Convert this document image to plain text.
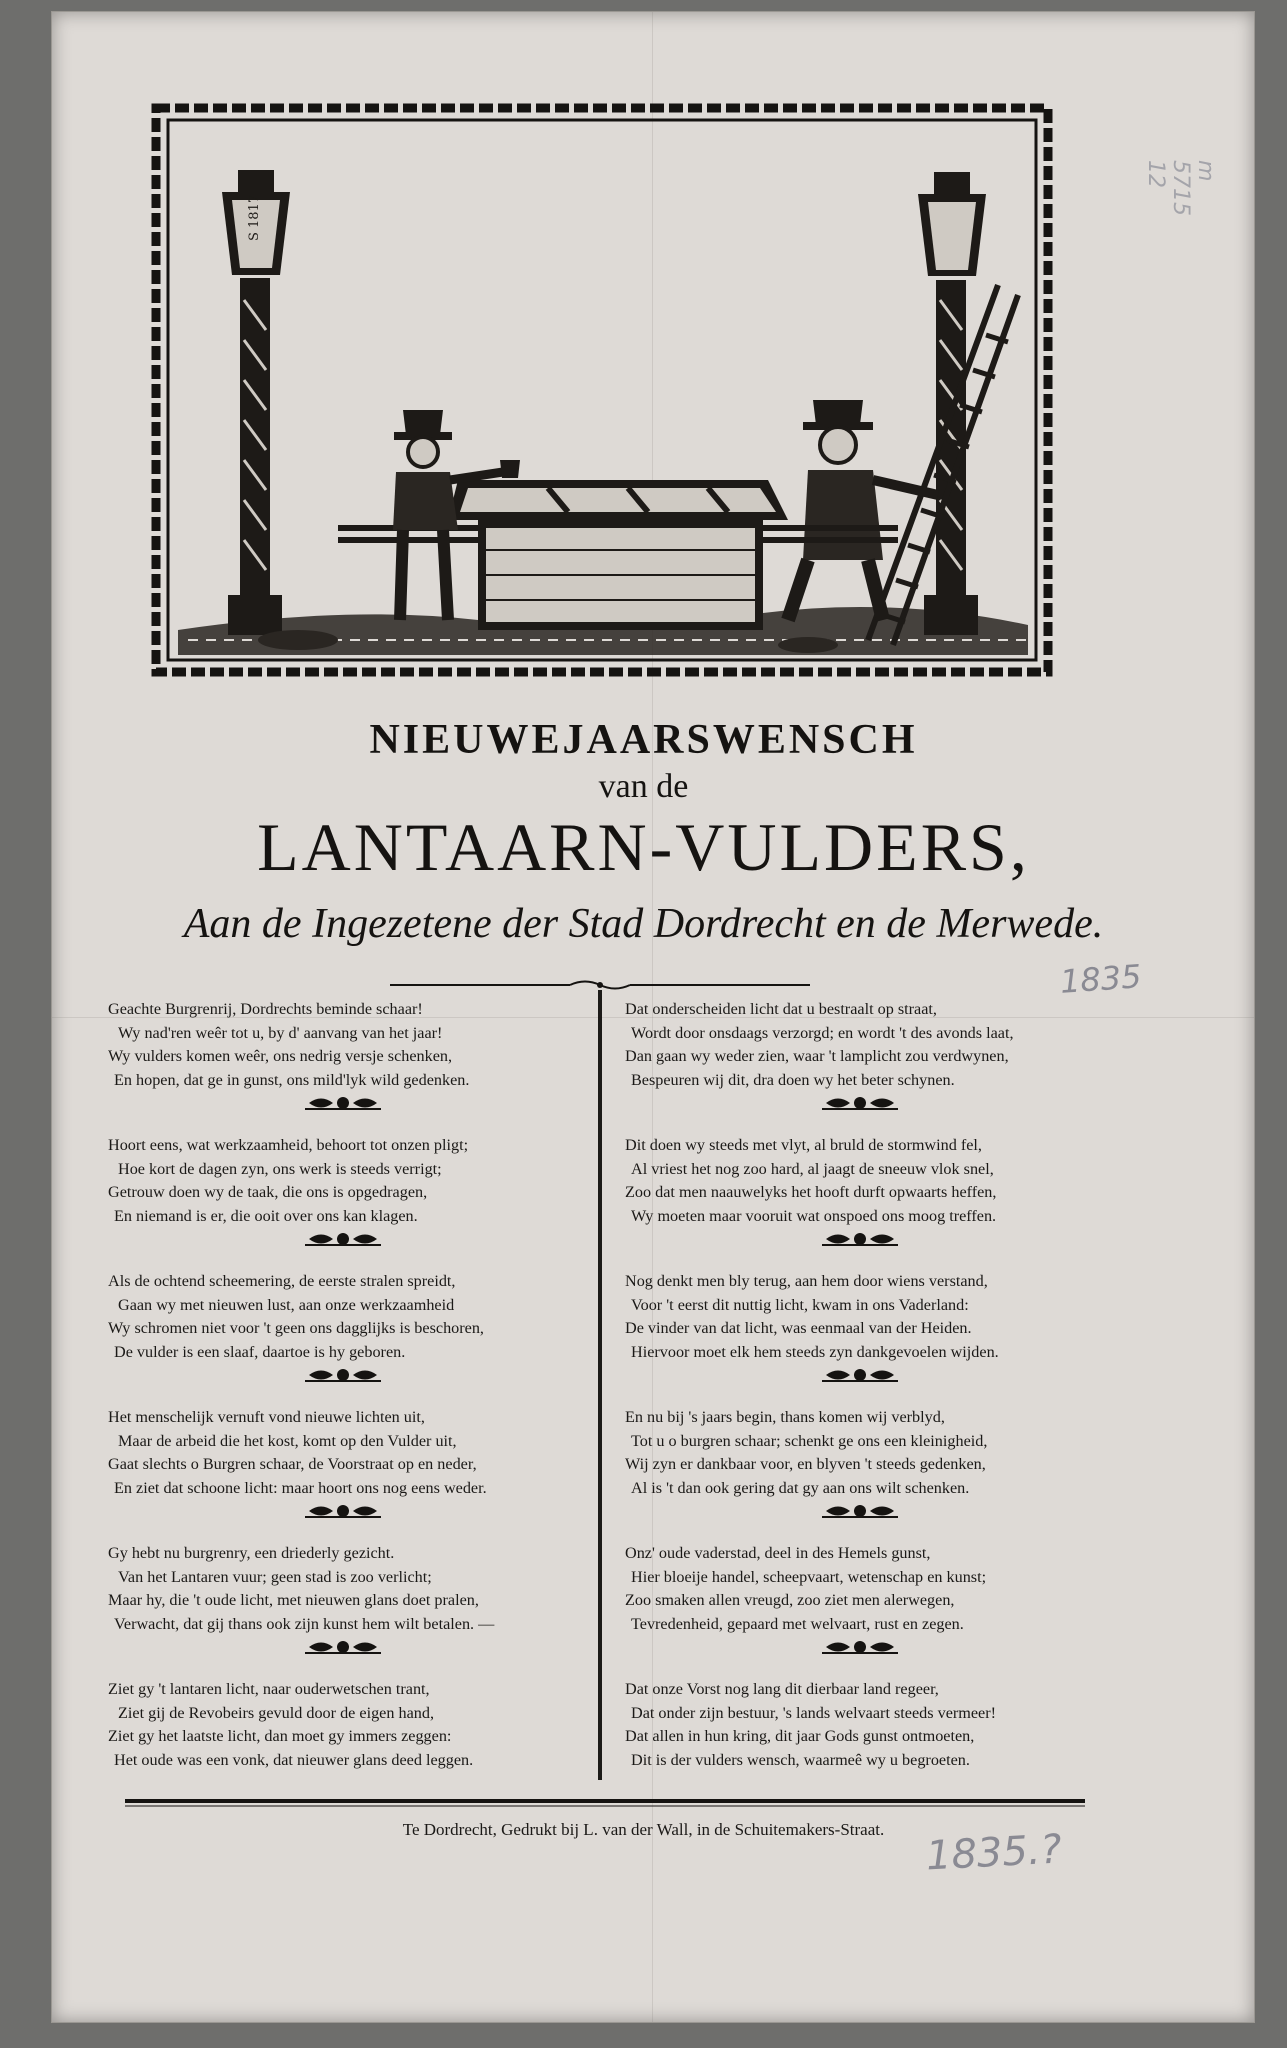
S 1817
NIEUWEJAARSWENSCH
van de
LANTAARN-VULDERS,
Aan de Ingezetene der Stad Dordrecht en de Merwede.
1835
1835.?
m 5715 12
Geachte Burgrenrij, Dordrechts beminde schaar!
Wy nad'ren weêr tot u, by d' aanvang van het jaar!
Wy vulders komen weêr, ons nedrig versje schenken,
En hopen, dat ge in gunst, ons mild'lyk wild gedenken.
Hoort eens, wat werkzaamheid, behoort tot onzen pligt;
Hoe kort de dagen zyn, ons werk is steeds verrigt;
Getrouw doen wy de taak, die ons is opgedragen,
En niemand is er, die ooit over ons kan klagen.
Als de ochtend scheemering, de eerste stralen spreidt,
Gaan wy met nieuwen lust, aan onze werkzaamheid
Wy schromen niet voor 't geen ons dagglijks is beschoren,
De vulder is een slaaf, daartoe is hy geboren.
Het menschelijk vernuft vond nieuwe lichten uit,
Maar de arbeid die het kost, komt op den Vulder uit,
Gaat slechts o Burgren schaar, de Voorstraat op en neder,
En ziet dat schoone licht: maar hoort ons nog eens weder.
Gy hebt nu burgrenry, een driederly gezicht.
Van het Lantaren vuur; geen stad is zoo verlicht;
Maar hy, die 't oude licht, met nieuwen glans doet pralen,
Verwacht, dat gij thans ook zijn kunst hem wilt betalen. —
Ziet gy 't lantaren licht, naar ouderwetschen trant,
Ziet gij de Revobeirs gevuld door de eigen hand,
Ziet gy het laatste licht, dan moet gy immers zeggen:
Het oude was een vonk, dat nieuwer glans deed leggen.
Dat onderscheiden licht dat u bestraalt op straat,
Wordt door onsdaags verzorgd; en wordt 't des avonds laat,
Dan gaan wy weder zien, waar 't lamplicht zou verdwynen,
Bespeuren wij dit, dra doen wy het beter schynen.
Dit doen wy steeds met vlyt, al bruld de stormwind fel,
Al vriest het nog zoo hard, al jaagt de sneeuw vlok snel,
Zoo dat men naauwelyks het hooft durft opwaarts heffen,
Wy moeten maar vooruit wat onspoed ons moog treffen.
Nog denkt men bly terug, aan hem door wiens verstand,
Voor 't eerst dit nuttig licht, kwam in ons Vaderland:
De vinder van dat licht, was eenmaal van der Heiden.
Hiervoor moet elk hem steeds zyn dankgevoelen wijden.
En nu bij 's jaars begin, thans komen wij verblyd,
Tot u o burgren schaar; schenkt ge ons een kleinigheid,
Wij zyn er dankbaar voor, en blyven 't steeds gedenken,
Al is 't dan ook gering dat gy aan ons wilt schenken.
Onz' oude vaderstad, deel in des Hemels gunst,
Hier bloeije handel, scheepvaart, wetenschap en kunst;
Zoo smaken allen vreugd, zoo ziet men alerwegen,
Tevredenheid, gepaard met welvaart, rust en zegen.
Dat onze Vorst nog lang dit dierbaar land regeer,
Dat onder zijn bestuur, 's lands welvaart steeds vermeer!
Dat allen in hun kring, dit jaar Gods gunst ontmoeten,
Dit is der vulders wensch, waarmeê wy u begroeten.
Te Dordrecht, Gedrukt bij L. van der Wall, in de Schuitemakers-Straat.
